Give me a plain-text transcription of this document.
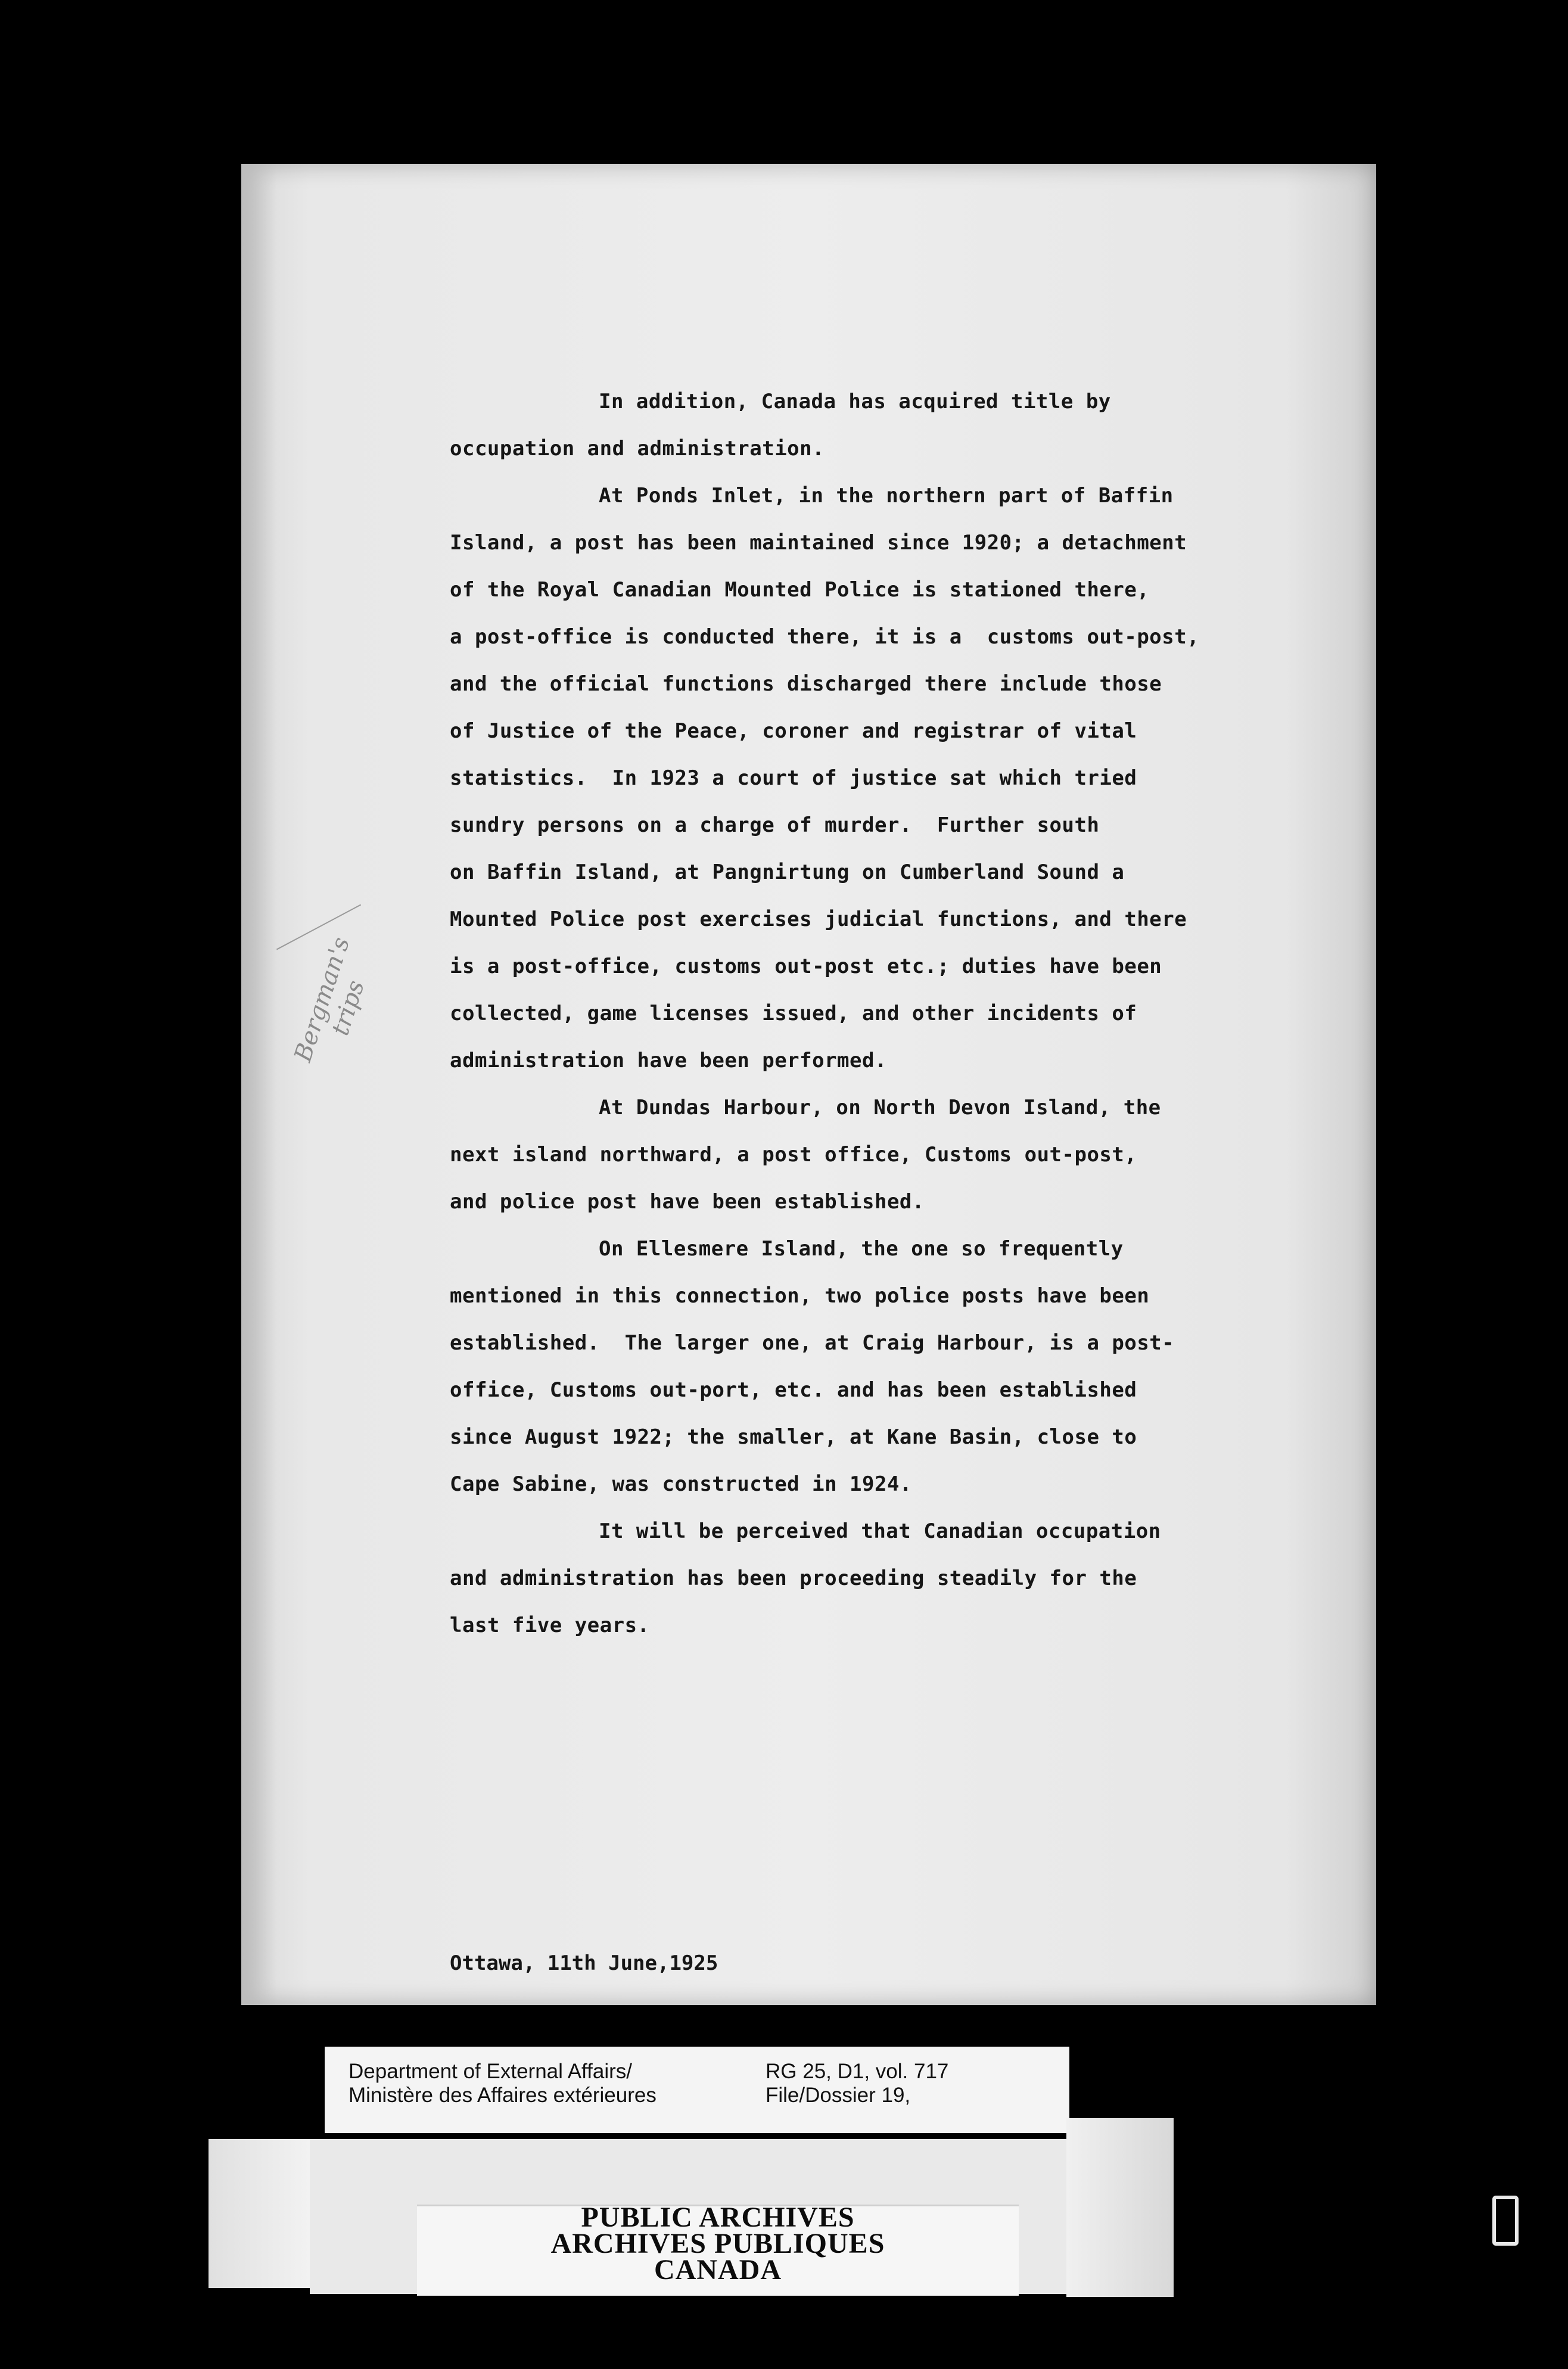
Bergman's trips

In addition, Canada has acquired title by

occupation and administration.

At Ponds Inlet, in the northern part of Baffin

Island, a post has been maintained since 1920; a detachment

of the Royal Canadian Mounted Police is stationed there,

a post-office is conducted there, it is a  customs out-post,

and the official functions discharged there include those

of Justice of the Peace, coroner and registrar of vital

statistics.  In 1923 a court of justice sat which tried

sundry persons on a charge of murder.  Further south

on Baffin Island, at Pangnirtung on Cumberland Sound a

Mounted Police post exercises judicial functions, and there

is a post-office, customs out-post etc.; duties have been

collected, game licenses issued, and other incidents of

administration have been performed.

At Dundas Harbour, on North Devon Island, the

next island northward, a post office, Customs out-post,

and police post have been established.

On Ellesmere Island, the one so frequently

mentioned in this connection, two police posts have been

established.  The larger one, at Craig Harbour, is a post-

office, Customs out-port, etc. and has been established

since August 1922; the smaller, at Kane Basin, close to

Cape Sabine, was constructed in 1924.

It will be perceived that Canadian occupation

and administration has been proceeding steadily for the

last five years.

Ottawa, 11th June,1925
Department of External Affairs/
Ministère des Affaires extérieures
RG 25, D1, vol. 717
File/Dossier 19,
PUBLIC ARCHIVES
ARCHIVES PUBLIQUES
CANADA
